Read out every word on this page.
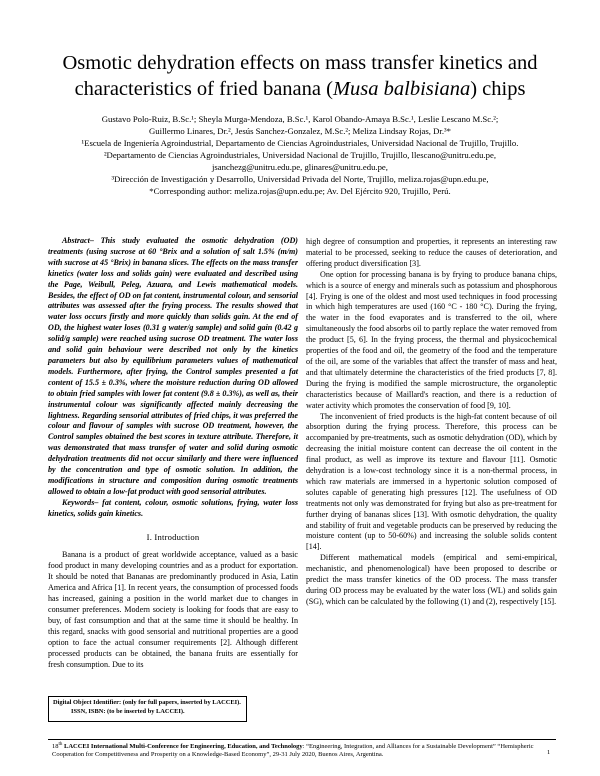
Osmotic dehydration effects on mass transfer kinetics and
characteristics of fried banana (Musa balbisiana) chips
Gustavo Polo-Ruiz, B.Sc.¹; Sheyla Murga-Mendoza, B.Sc.¹, Karol Obando-Amaya B.Sc.¹, Leslie Lescano M.Sc.²;
Guillermo Linares, Dr.², Jesús Sanchez-Gonzalez, M.Sc.²; Meliza Lindsay Rojas, Dr.³*
¹Escuela de Ingeniería Agroindustrial, Departamento de Ciencias Agroindustriales, Universidad Nacional de Trujillo, Trujillo.
²Departamento de Ciencias Agroindustriales, Universidad Nacional de Trujillo, Trujillo, llescano@unitru.edu.pe,
jsanchezg@unitru.edu.pe, glinares@unitru.edu.pe,
³Dirección de Investigación y Desarrollo, Universidad Privada del Norte, Trujillo, meliza.rojas@upn.edu.pe,
*Corresponding author: meliza.rojas@upn.edu.pe; Av. Del Ejército 920, Trujillo, Perú.

Abstract– This study evaluated the osmotic dehydration (OD) treatments (using sucrose at 60 °Brix and a solution of salt 1.5% (m/m) with sucrose at 45 °Brix) in banana slices. The effects on the mass transfer kinetics (water loss and solids gain) were evaluated and described using the Page, Weibull, Peleg, Azuara, and Lewis mathematical models. Besides, the effect of OD on fat content, instrumental colour, and sensorial attributes was assessed after the frying process. The results showed that water loss occurs firstly and more quickly than solids gain. At the end of OD, the highest water loses (0.31 g water/g sample) and solid gain (0.42 g solid/g sample) were reached using sucrose OD treatment. The water loss and solid gain behaviour were described not only by the kinetics parameters but also by equilibrium parameters values of mathematical models. Furthermore, after frying, the Control samples presented a fat content of 15.5 ± 0.3%, where the moisture reduction during OD allowed to obtain fried samples with lower fat content (9.8 ± 0.3%), as well as, their instrumental colour was significantly affected mainly decreasing the lightness. Regarding sensorial attributes of fried chips, it was preferred the colour and flavour of samples with sucrose OD treatment, however, the Control samples obtained the best scores in texture attribute. Therefore, it was demonstrated that mass transfer of water and solid during osmotic dehydration treatments did not occur similarly and there were influenced by the concentration and type of osmotic solution. In addition, the modifications in structure and composition during osmotic treatments allowed to obtain a low-fat product with good sensorial attributes.

Keywords– fat content, colour, osmotic solutions, frying, water loss kinetics, solids gain kinetics.

I. Introduction

Banana is a product of great worldwide acceptance, valued as a basic food product in many developing countries and as a product for exportation. It should be noted that Bananas are predominantly produced in Asia, Latin America and Africa [1]. In recent years, the consumption of processed foods has increased, gaining a position in the world market due to changes in consumer preferences. Modern society is looking for foods that are easy to buy, of fast consumption and that at the same time it should be healthy. In this regard, snacks with good sensorial and nutritional properties are a good option to face the actual consumer requirements [2]. Although different processed products can be obtained, the banana fruits are essentially for fresh consumption. Due to its

high degree of consumption and properties, it represents an interesting raw material to be processed, seeking to reduce the causes of deterioration, and offering product diversification [3].

One option for processing banana is by frying to produce banana chips, which is a source of energy and minerals such as potassium and phosphorous [4]. Frying is one of the oldest and most used techniques in food processing in which high temperatures are used (160 °C - 180 °C). During the frying, the water in the food evaporates and is transferred to the oil, where simultaneously the food absorbs oil to partly replace the water removed from the product [5, 6]. In the frying process, the thermal and physicochemical properties of the food and oil, the geometry of the food and the temperature of the oil, are some of the variables that affect the transfer of mass and heat, and that ultimately determine the characteristics of the fried products [7, 8]. During the frying is modified the sample microstructure, the organoleptic characteristics because of Maillard's reaction, and there is a reduction of water activity which promotes the conservation of food [9, 10].

The inconvenient of fried products is the high-fat content because of oil absorption during the frying process. Therefore, this process can be accompanied by pre-treatments, such as osmotic dehydration (OD), which by decreasing the initial moisture content can decrease the oil content in the final product, as well as improve its texture and flavour [11]. Osmotic dehydration is a low-cost technology since it is a non-thermal process, in which raw materials are immersed in a hypertonic solution composed of solutes capable of generating high pressures [12]. The usefulness of OD treatments not only was demonstrated for frying but also as pre-treatment for further drying of bananas slices [13]. With osmotic dehydration, the quality and stability of fruit and vegetable products can be preserved by reducing the moisture content (up to 50-60%) and increasing the soluble solids content [14].

Different mathematical models (empirical and semi-empirical, mechanistic, and phenomenological) have been proposed to describe or predict the mass transfer kinetics of the OD process. The mass transfer during OD process may be evaluated by the water loss (WL) and solids gain (SG), which can be calculated by the following (1) and (2), respectively [15].

Digital Object Identifier: (only for full papers, inserted by LACCEI).
ISSN, ISBN: (to be inserted by LACCEI).
18th LACCEI International Multi-Conference for Engineering, Education, and Technology: “Engineering, Integration, and Alliances for a Sustainable Development” “Hemispheric Cooperation for Competitiveness and Prosperity on a Knowledge-Based Economy”, 29-31 July 2020, Buenos Aires, Argentina.	1
